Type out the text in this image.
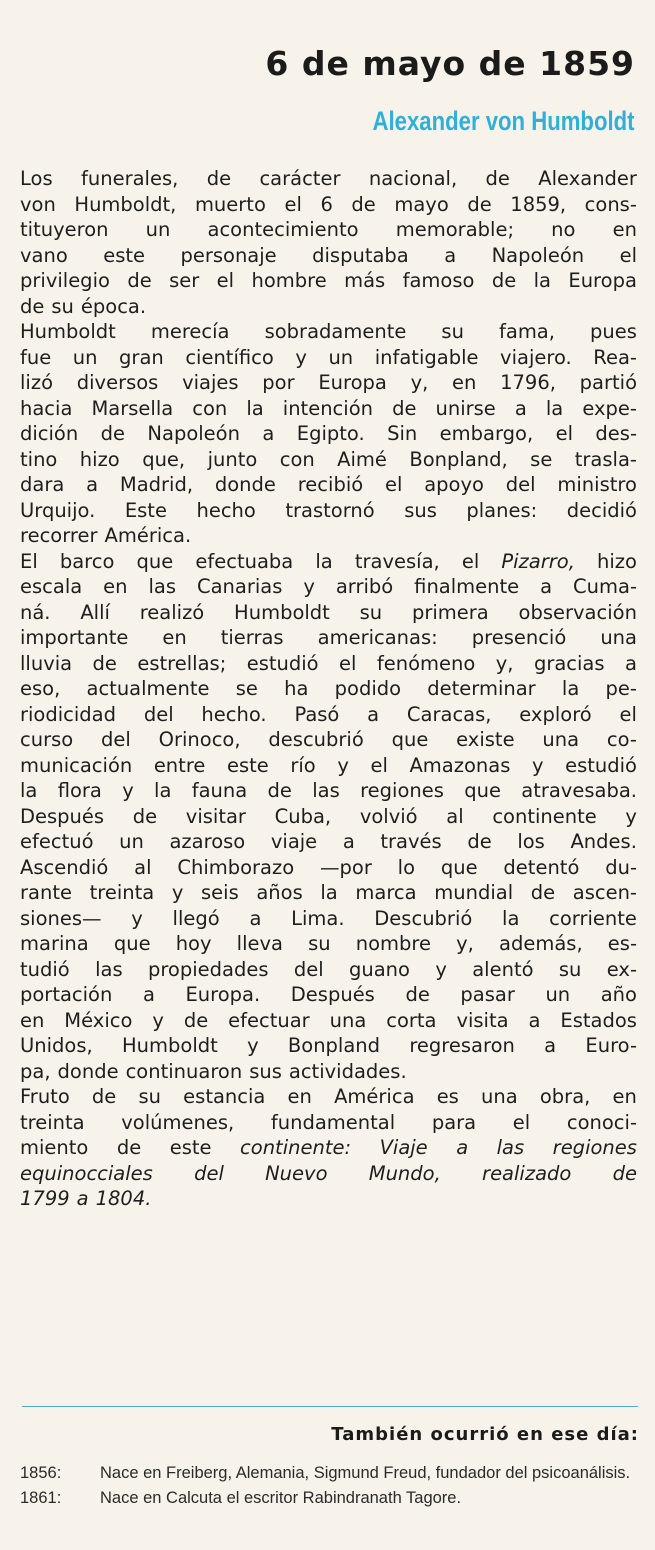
6 de mayo de 1859
Alexander von Humboldt
Los funerales, de carácter nacional, de Alexander
von Humboldt, muerto el 6 de mayo de 1859, cons-
tituyeron un acontecimiento memorable; no en
vano este personaje disputaba a Napoleón el
privilegio de ser el hombre más famoso de la Europa
de su época.
Humboldt merecía sobradamente su fama, pues
fue un gran científico y un infatigable viajero. Rea-
lizó diversos viajes por Europa y, en 1796, partió
hacia Marsella con la intención de unirse a la expe-
dición de Napoleón a Egipto. Sin embargo, el des-
tino hizo que, junto con Aimé Bonpland, se trasla-
dara a Madrid, donde recibió el apoyo del ministro
Urquijo. Este hecho trastornó sus planes: decidió
recorrer América.
El barco que efectuaba la travesía, el Pizarro, hizo
escala en las Canarias y arribó finalmente a Cuma-
ná. Allí realizó Humboldt su primera observación
importante en tierras americanas: presenció una
lluvia de estrellas; estudió el fenómeno y, gracias a
eso, actualmente se ha podido determinar la pe-
riodicidad del hecho. Pasó a Caracas, exploró el
curso del Orinoco, descubrió que existe una co-
municación entre este río y el Amazonas y estudió
la flora y la fauna de las regiones que atravesaba.
Después de visitar Cuba, volvió al continente y
efectuó un azaroso viaje a través de los Andes.
Ascendió al Chimborazo —por lo que detentó du-
rante treinta y seis años la marca mundial de ascen-
siones— y llegó a Lima. Descubrió la corriente
marina que hoy lleva su nombre y, además, es-
tudió las propiedades del guano y alentó su ex-
portación a Europa. Después de pasar un año
en México y de efectuar una corta visita a Estados
Unidos, Humboldt y Bonpland regresaron a Euro-
pa, donde continuaron sus actividades.
Fruto de su estancia en América es una obra, en
treinta volúmenes, fundamental para el conoci-
miento de este continente: Viaje a las regiones
equinocciales del Nuevo Mundo, realizado de
1799 a 1804.
También ocurrió en ese día:
1856:	Nace en Freiberg, Alemania, Sigmund Freud, fundador del psicoanálisis.
1861:	Nace en Calcuta el escritor Rabindranath Tagore.
